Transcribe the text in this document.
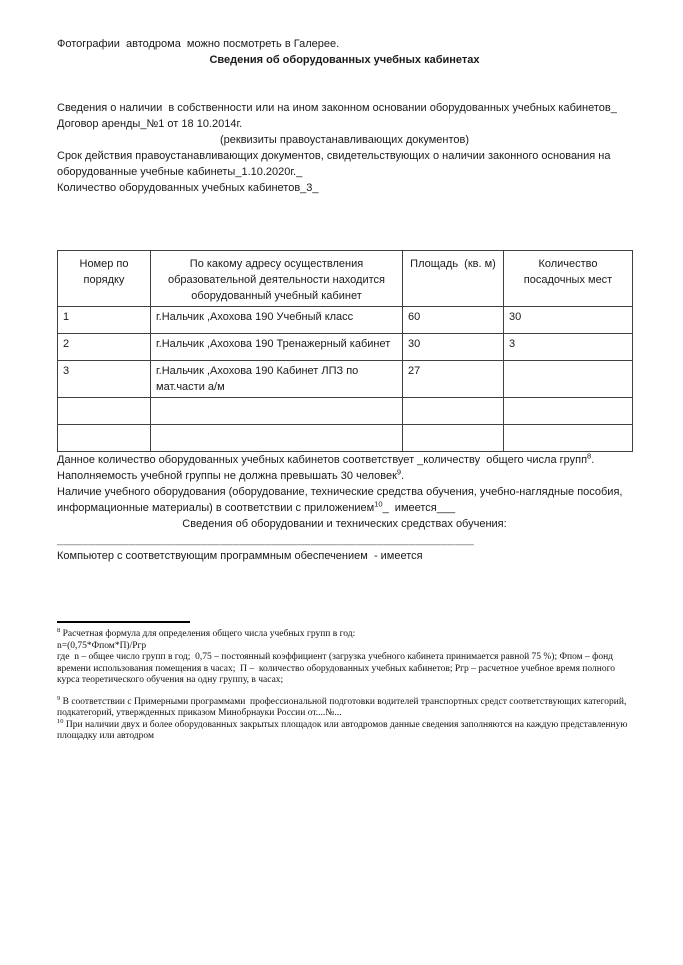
Фотографии  автодрома  можно посмотреть в Галерее.

Сведения об оборудованных учебных кабинетах

Сведения о наличии  в собственности или на ином законном основании оборудованных учебных кабинетов_

Договор аренды_№1 от 18 10.2014г.

(реквизиты правоустанавливающих документов)

Срок действия правоустанавливающих документов, свидетельствующих о наличии законного основания на оборудованные учебные кабинеты_1.10.2020г._

Количество оборудованных учебных кабинетов_3_

Номер по порядку	По какому адресу осуществления образовательной деятельности находится оборудованный учебный кабинет	Площадь  (кв. м)	Количество посадочных мест
1	г.Нальчик ,Ахохова 190 Учебный класс	60	30
2	г.Нальчик ,Ахохова 190 Тренажерный кабинет	30	3
3	г.Нальчик ,Ахохова 190 Кабинет ЛПЗ по мат.части а/м	27	

Данное количество оборудованных учебных кабинетов соответствует _количеству  общего числа групп$^8$. Наполняемость учебной группы не должна превышать 30 человек$^9$.

Наличие учебного оборудования (оборудование, технические средства обучения, учебно-наглядные пособия, информационные материалы) в соответствии с приложением$^{10}$_  имеется___

Сведения об оборудовании и технических средствах обучения:

________________________________________________________________

Компьютер с соответствующим программным обеспечением  - имеется

$^8$ Расчетная формула для определения общего числа учебных групп в год:

n=(0,75*Фпом*П)/Ргр

где  n – общее число групп в год;  0,75 – постоянный коэффициент (загрузка учебного кабинета принимается равной 75 %); Фпом – фонд времени использования помещения в часах;  П –  количество оборудованных учебных кабинетов; Ргр – расчетное учебное время полного курса теоретического обучения на одну группу, в часах;

$^9$ В соответствии с Примерными программами  профессиональной подготовки водителей транспортных средст соответствующих категорий, подкатегорий, утвержденных приказом Минобрнауки России от....№...

$^{10}$ При наличии двух и более оборудованных закрытых площадок или автодромов данные сведения заполняются на каждую представленную площадку или автодром
